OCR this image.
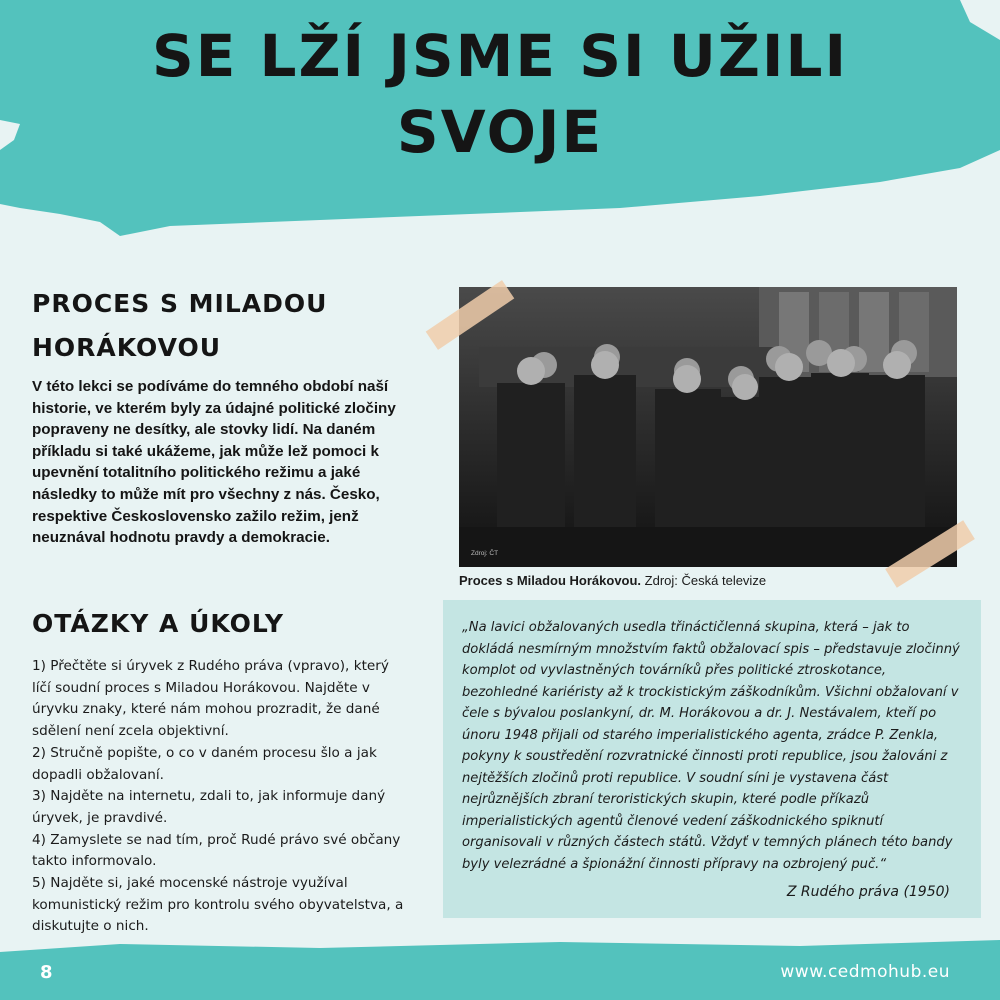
SE LŽÍ JSME SI UŽILI
SVOJE
PROCES S MILADOU HORÁKOVOU

V této lekci se podíváme do temného období naší historie, ve kterém byly za údajné politické zločiny popraveny ne desítky, ale stovky lidí. Na daném příkladu si také ukážeme, jak může lež pomoci k upevnění totalitního politického režimu a jaké následky to může mít pro všechny z nás. Česko, respektive Československo zažilo režim, jenž neuznával hodnotu pravdy a demokracie.

OTÁZKY A ÚKOLY
1) Přečtěte si úryvek z Rudého práva (vpravo), který líčí soudní proces s Miladou Horákovou. Najděte v úryvku znaky, které nám mohou prozradit, že dané sdělení není zcela objektivní.
2) Stručně popište, o co v daném procesu šlo a jak dopadli obžalovaní.
3) Najděte na internetu, zdali to, jak informuje daný úryvek, je pravdivé.
4) Zamyslete se nad tím, proč Rudé právo své občany takto informovalo.
5) Najděte si, jaké mocenské nástroje využíval komunistický režim pro kontrolu svého obyvatelstva, a diskutujte o nich.
Zdroj: ČT

Proces s Miladou Horákovou. Zdroj: Česká televize

„Na lavici obžalovaných usedla třináctičlenná skupina, která – jak to dokládá nesmírným množstvím faktů obžalovací spis – představuje zločinný komplot od vyvlastněných továrníků přes politické ztroskotance, bezohledné kariéristy až k trockistickým záškodníkům. Všichni obžalovaní v čele s bývalou poslankyní, dr. M. Horákovou a dr. J. Nestávalem, kteří po únoru 1948 přijali od starého imperialistického agenta, zrádce P. Zenkla, pokyny k soustředění rozvratnické činnosti proti republice, jsou žalováni z nejtěžších zločinů proti republice. V soudní síni je vystavena část nejrůznějších zbraní teroristických skupin, které podle příkazů imperialistických agentů členové vedení záškodnického spiknutí organisovali v různých částech států. Vždyť v temných plánech této bandy byly velezrádné a špionážní činnosti přípravy na ozbrojený puč.“

Z Rudého práva (1950)

8	www.cedmohub.eu
